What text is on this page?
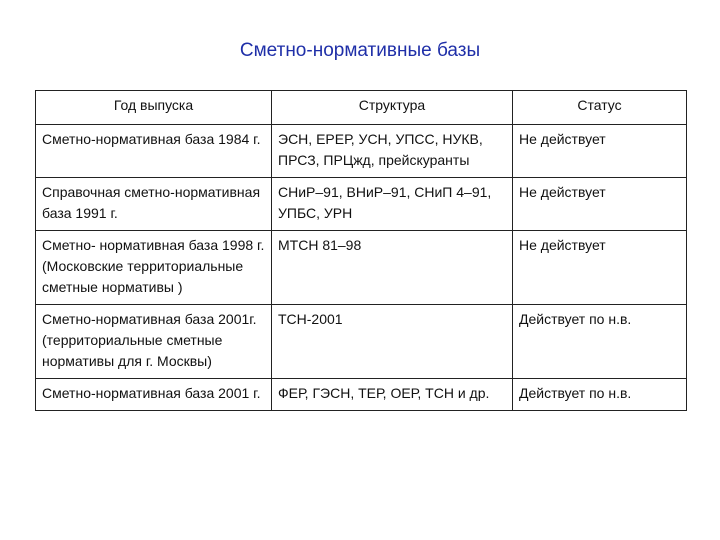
Сметно-нормативные базы
Год выпуска	Структура	Статус
Сметно-нормативная база 1984 г.	ЭСН, ЕРЕР, УСН, УПСС, НУКВ, ПРСЗ, ПРЦжд, прейскуранты	Не действует
Справочная сметно-нормативная база 1991 г.	СНиР–91, ВНиР–91, СНиП 4–91, УПБС, УРН	Не действует
Сметно- нормативная база 1998 г. (Московские территориальные сметные нормативы )	МТСН 81–98	Не действует
Сметно-нормативная база 2001г. (территориальные сметные нормативы для г. Москвы)	ТСН-2001	Действует по н.в.
Сметно-нормативная база 2001 г.	ФЕР, ГЭСН, ТЕР, ОЕР, ТСН и др.	Действует по н.в.
